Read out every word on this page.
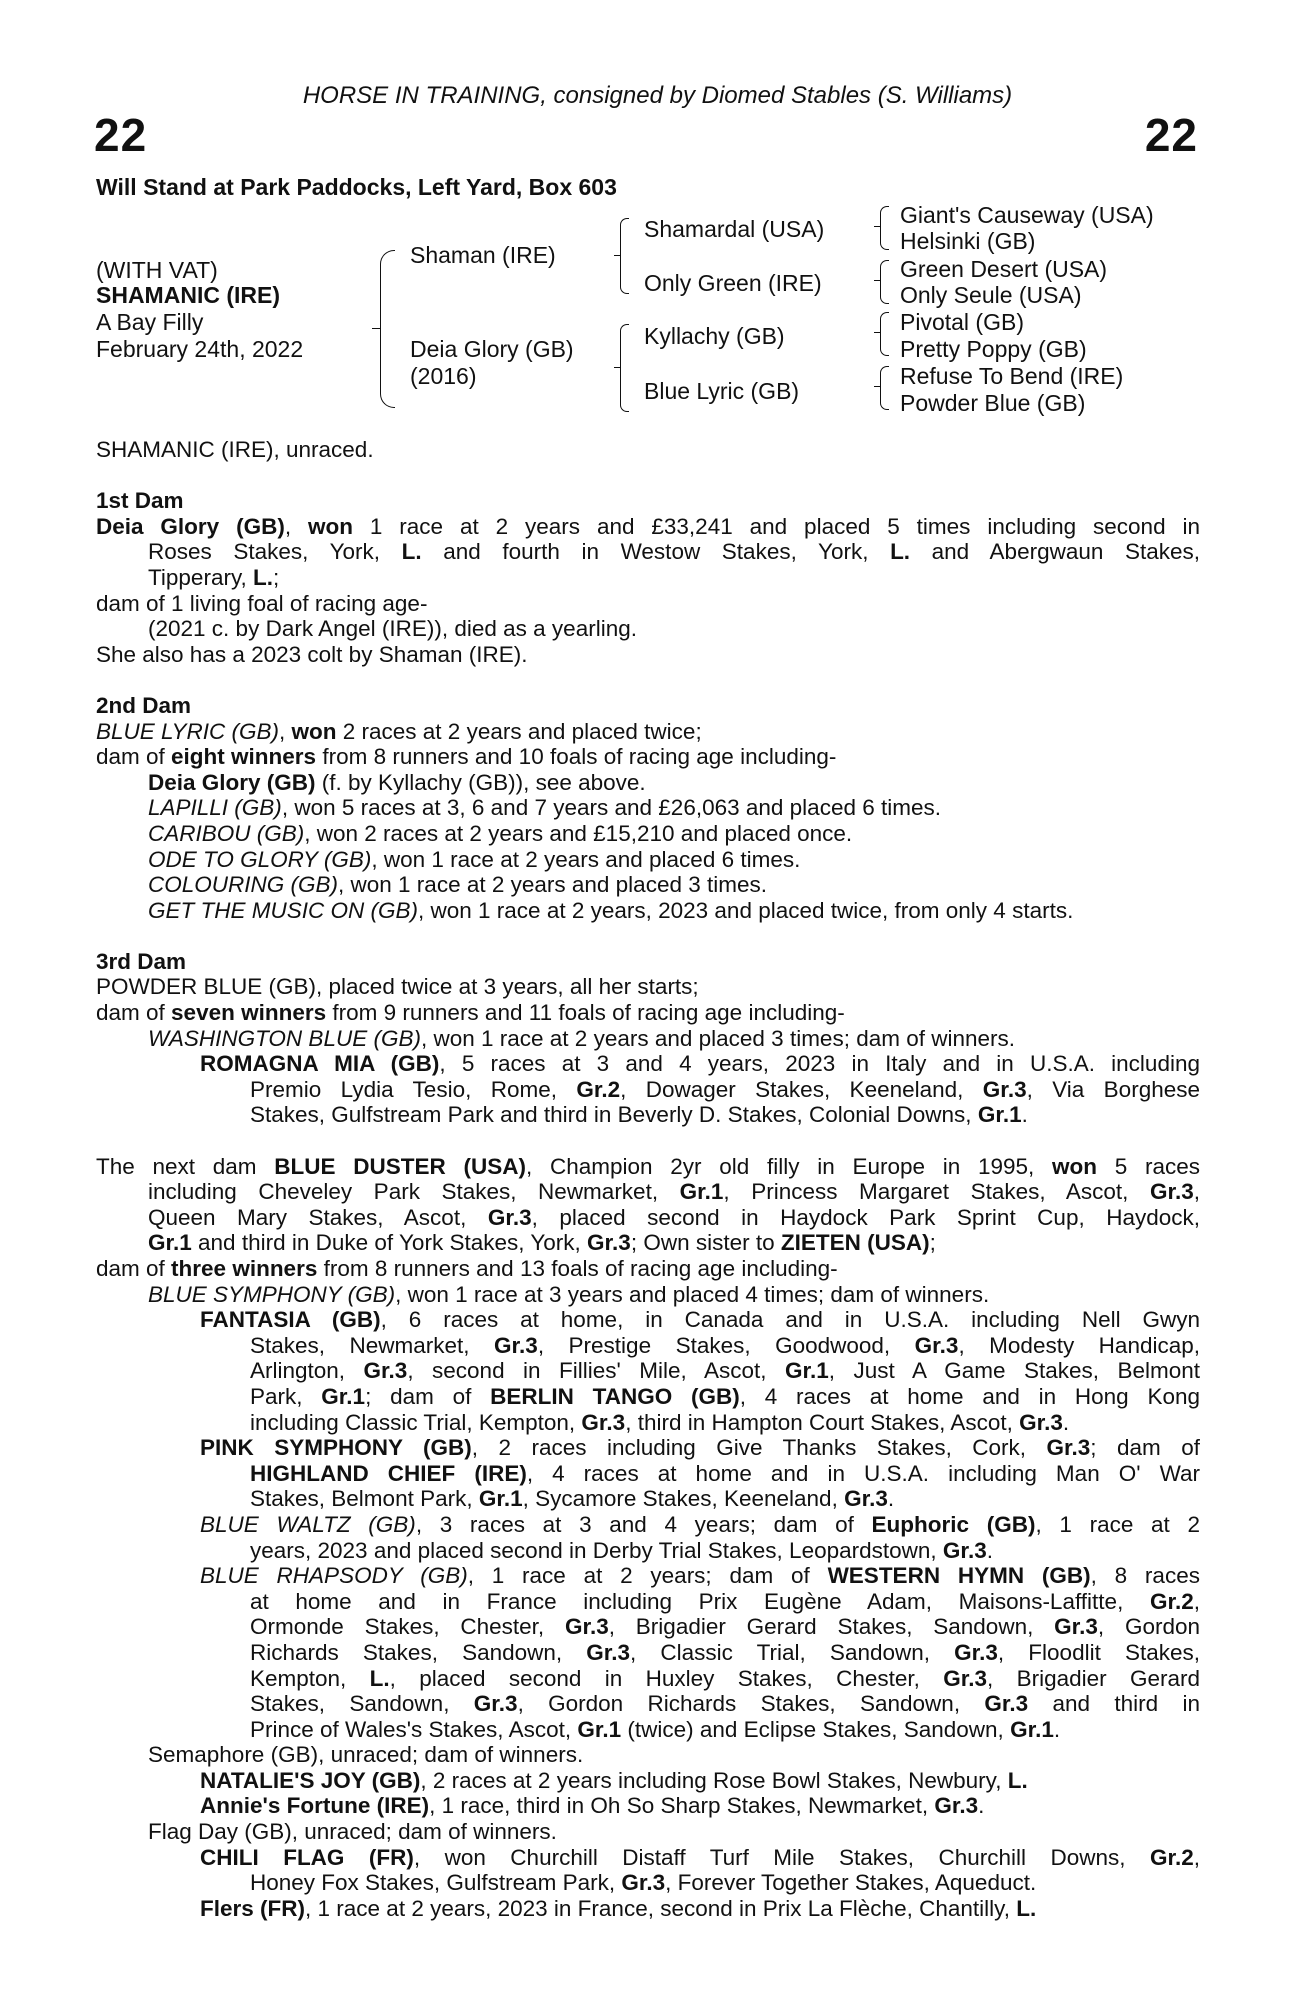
HORSE IN TRAINING, consigned by Diomed Stables (S. Williams)
22	22
Will Stand at Park Paddocks, Left Yard, Box 603
(WITH VAT)
SHAMANIC (IRE)
A Bay Filly
February 24th, 2022
Shaman (IRE)
Deia Glory (GB)
(2016)
Shamardal (USA)
Only Green (IRE)
Kyllachy (GB)
Blue Lyric (GB)
Giant's Causeway (USA)
Helsinki (GB)
Green Desert (USA)
Only Seule (USA)
Pivotal (GB)
Pretty Poppy (GB)
Refuse To Bend (IRE)
Powder Blue (GB)
SHAMANIC (IRE), unraced.
1st Dam
Deia Glory (GB), won 1 race at 2 years and £33,241 and placed 5 times including second in
Roses Stakes, York, L. and fourth in Westow Stakes, York, L. and Abergwaun Stakes,
Tipperary, L.;
dam of 1 living foal of racing age-
(2021 c. by Dark Angel (IRE)), died as a yearling.
She also has a 2023 colt by Shaman (IRE).
2nd Dam
BLUE LYRIC (GB), won 2 races at 2 years and placed twice;
dam of eight winners from 8 runners and 10 foals of racing age including-
Deia Glory (GB) (f. by Kyllachy (GB)), see above.
LAPILLI (GB), won 5 races at 3, 6 and 7 years and £26,063 and placed 6 times.
CARIBOU (GB), won 2 races at 2 years and £15,210 and placed once.
ODE TO GLORY (GB), won 1 race at 2 years and placed 6 times.
COLOURING (GB), won 1 race at 2 years and placed 3 times.
GET THE MUSIC ON (GB), won 1 race at 2 years, 2023 and placed twice, from only 4 starts.
3rd Dam
POWDER BLUE (GB), placed twice at 3 years, all her starts;
dam of seven winners from 9 runners and 11 foals of racing age including-
WASHINGTON BLUE (GB), won 1 race at 2 years and placed 3 times; dam of winners.
ROMAGNA MIA (GB), 5 races at 3 and 4 years, 2023 in Italy and in U.S.A. including
Premio Lydia Tesio, Rome, Gr.2, Dowager Stakes, Keeneland, Gr.3, Via Borghese
Stakes, Gulfstream Park and third in Beverly D. Stakes, Colonial Downs, Gr.1.
The next dam BLUE DUSTER (USA), Champion 2yr old filly in Europe in 1995, won 5 races
including Cheveley Park Stakes, Newmarket, Gr.1, Princess Margaret Stakes, Ascot, Gr.3,
Queen Mary Stakes, Ascot, Gr.3, placed second in Haydock Park Sprint Cup, Haydock,
Gr.1 and third in Duke of York Stakes, York, Gr.3; Own sister to ZIETEN (USA);
dam of three winners from 8 runners and 13 foals of racing age including-
BLUE SYMPHONY (GB), won 1 race at 3 years and placed 4 times; dam of winners.
FANTASIA (GB), 6 races at home, in Canada and in U.S.A. including Nell Gwyn
Stakes, Newmarket, Gr.3, Prestige Stakes, Goodwood, Gr.3, Modesty Handicap,
Arlington, Gr.3, second in Fillies' Mile, Ascot, Gr.1, Just A Game Stakes, Belmont
Park, Gr.1; dam of BERLIN TANGO (GB), 4 races at home and in Hong Kong
including Classic Trial, Kempton, Gr.3, third in Hampton Court Stakes, Ascot, Gr.3.
PINK SYMPHONY (GB), 2 races including Give Thanks Stakes, Cork, Gr.3; dam of
HIGHLAND CHIEF (IRE), 4 races at home and in U.S.A. including Man O' War
Stakes, Belmont Park, Gr.1, Sycamore Stakes, Keeneland, Gr.3.
BLUE WALTZ (GB), 3 races at 3 and 4 years; dam of Euphoric (GB), 1 race at 2
years, 2023 and placed second in Derby Trial Stakes, Leopardstown, Gr.3.
BLUE RHAPSODY (GB), 1 race at 2 years; dam of WESTERN HYMN (GB), 8 races
at home and in France including Prix Eugène Adam, Maisons-Laffitte, Gr.2,
Ormonde Stakes, Chester, Gr.3, Brigadier Gerard Stakes, Sandown, Gr.3, Gordon
Richards Stakes, Sandown, Gr.3, Classic Trial, Sandown, Gr.3, Floodlit Stakes,
Kempton, L., placed second in Huxley Stakes, Chester, Gr.3, Brigadier Gerard
Stakes, Sandown, Gr.3, Gordon Richards Stakes, Sandown, Gr.3 and third in
Prince of Wales's Stakes, Ascot, Gr.1 (twice) and Eclipse Stakes, Sandown, Gr.1.
Semaphore (GB), unraced; dam of winners.
NATALIE'S JOY (GB), 2 races at 2 years including Rose Bowl Stakes, Newbury, L.
Annie's Fortune (IRE), 1 race, third in Oh So Sharp Stakes, Newmarket, Gr.3.
Flag Day (GB), unraced; dam of winners.
CHILI FLAG (FR), won Churchill Distaff Turf Mile Stakes, Churchill Downs, Gr.2,
Honey Fox Stakes, Gulfstream Park, Gr.3, Forever Together Stakes, Aqueduct.
Flers (FR), 1 race at 2 years, 2023 in France, second in Prix La Flèche, Chantilly, L.
